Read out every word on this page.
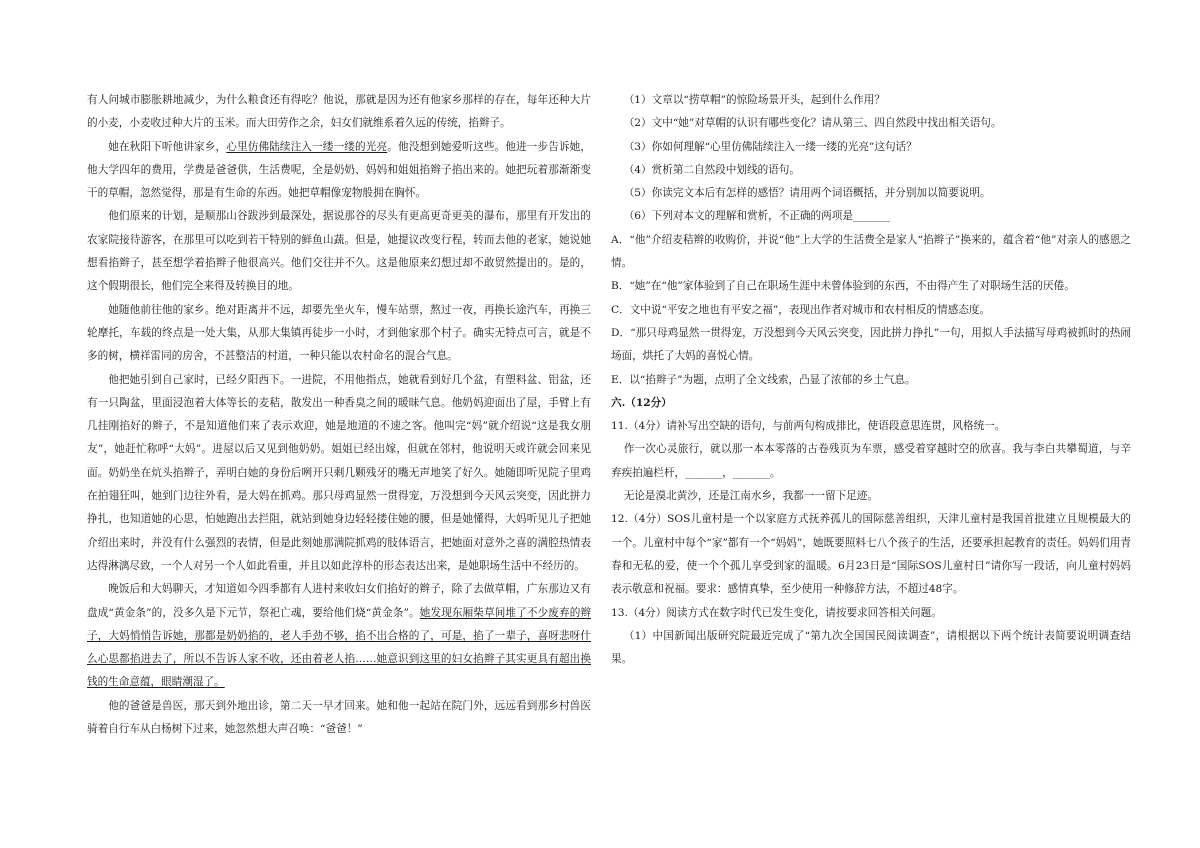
有人问城市膨胀耕地减少，为什么粮食还有得吃？他说，那就是因为还有他家乡那样的存在，每年还种大片的小麦，小麦收过种大片的玉米。而大田劳作之余，妇女们就维系着久远的传统，掐辫子。

她在秋阳下听他讲家乡，心里仿佛陆续注入一缕一缕的光亮。他没想到她爱听这些。他进一步告诉她，他大学四年的费用，学费是爸爸供，生活费呢，全是奶奶、妈妈和姐姐掐辫子掐出来的。她把玩着那渐渐变干的草帽，忽然觉得，那是有生命的东西。她把草帽像宠物般拥在胸怀。

他们原来的计划，是顺那山谷跋涉到最深处，据说那谷的尽头有更高更奇更美的瀑布，那里有开发出的农家院接待游客，在那里可以吃到若干特别的鲜鱼山蔬。但是，她提议改变行程，转而去他的老家，她说她想看掐辫子，甚至想学着掐辫子他很高兴。他们交往并不久。这是他原来幻想过却不敢贸然提出的。是的，这个假期很长，他们完全来得及转换目的地。

她随他前往他的家乡。绝对距离并不远，却要先坐火车，慢车站票，熬过一夜，再换长途汽车，再换三轮摩托，车载的终点是一处大集，从那大集镇再徒步一小时，才到他家那个村子。确实无特点可言，就是不多的树，横祥雷同的房舍，不甚整洁的村道，一种只能以农村命名的混合气息。

他把她引到自己家时，已经夕阳西下。一进院，不用他指点，她就看到好几个盆，有塑料盆、铝盆，还有一只陶盆，里面浸泡着大体等长的麦秸，散发出一种香臭之间的暖昧气息。他奶妈迎面出了屋，手臂上有几挂刚掐好的辫子，不是知道他们来了表示欢迎，她是地道的不速之客。他叫完“妈”就介绍说“这是我女朋友”，她赶忙称呼“大妈”。进屋以后又见到他奶奶。姐姐已经出嫁，但就在邻村，他说明天或许就会回来见面。奶奶坐在炕头掐辫子，弄明白她的身份后咧开只剩几颗残牙的嘴无声地笑了好久。她随即听见院子里鸡在拍翅狂叫，她到门边往外看，是大妈在抓鸡。那只母鸡显然一贯得宠，万没想到今天风云突变，因此拼力挣扎，也知道她的心思，怕她跑出去拦阻，就站到她身边轻轻搂住她的腰，但是她懂得，大妈听见儿子把她介绍出来时，并没有什么强烈的表情，但是此刻她那满院抓鸡的肢体语言，把她面对意外之喜的满腔热情表达得淋漓尽致，一个人对另一个人如此看重，并且以如此淳朴的形态表达出来，是她职场生活中不经历的。

晚饭后和大妈聊天，才知道如今四季都有人进村来收妇女们掐好的辫子，除了去做草帽，广东那边又有盘成“黄金条”的，没多久是下元节，祭祀亡魂，要给他们烧“黄金条”。她发现东厢柴草间堆了不少废弃的辫子，大妈悄悄告诉她，那都是奶奶掐的，老人手劲不够，掐不出合格的了，可是，掐了一辈子，喜呀悲呀什么心思都掐进去了，所以不告诉人家不收，还由着老人掐……她意识到这里的妇女掐辫子其实更具有超出换钱的生命意蕴，眼睛潮湿了。

他的爸爸是兽医，那天到外地出诊，第二天一早才回来。她和他一起站在院门外，远远看到那乡村兽医骑着自行车从白杨树下过来，她忽然想大声召唤：“爸爸！”

（1）文章以“捞草帽”的惊险场景开头，起到什么作用？

（2）文中“她”对草帽的认识有哪些变化？请从第三、四自然段中找出相关语句。

（3）你如何理解“心里仿佛陆续注入一缕一缕的光亮”这句话？

（4）赏析第二自然段中划线的语句。

（5）你读完文本后有怎样的感悟？请用两个词语概括，并分别加以简要说明。

（6）下列对本文的理解和赏析，不正确的两项是_______

A．“他”介绍麦秸辫的收购价，并说“他”上大学的生活费全是家人“掐辫子”换来的，蕴含着“他”对亲人的感恩之情。

B．“她”在“他”家体验到了自己在职场生涯中未曾体验到的东西，不由得产生了对职场生活的厌倦。

C．文中说“平安之地也有平安之福”，表现出作者对城市和农村相反的情感态度。

D．“那只母鸡显然一贯得宠，万没想到今天风云突变，因此拼力挣扎”一句，用拟人手法描写母鸡被抓时的热闹场面，烘托了大妈的喜悦心情。

E．以“掐辫子”为题，点明了全文线索，凸显了浓郁的乡土气息。

六.（12分）

11.（4分）请补写出空缺的语句，与前两句构成排比，使语段意思连贯，风格统一。

作一次心灵旅行，就以那一本本零落的古卷残页为车票，感受着穿越时空的欣喜。我与李白共攀蜀道，与辛弃疾拍遍栏杆，_______，_______。

无论是漠北黄沙，还是江南水乡，我都一一留下足迹。

12.（4分）SOS儿童村是一个以家庭方式抚养孤儿的国际慈善组织，天津儿童村是我国首批建立且规模最大的一个。儿童村中每个“家”都有一个“妈妈”，她既要照料七八个孩子的生活，还要承担起教育的责任。妈妈们用青春和无私的爱，使一个个孤儿享受到家的温暖。6月23日是“国际SOS儿童村日”请你写一段话，向儿童村妈妈表示敬意和祝福。要求：感情真挚，至少使用一种修辞方法，不超过48字。

13.（4分）阅读方式在数字时代已发生变化，请按要求回答相关问题。

（1）中国新闻出版研究院最近完成了“第九次全国国民阅读调查”，请根据以下两个统计表简要说明调查结果。
